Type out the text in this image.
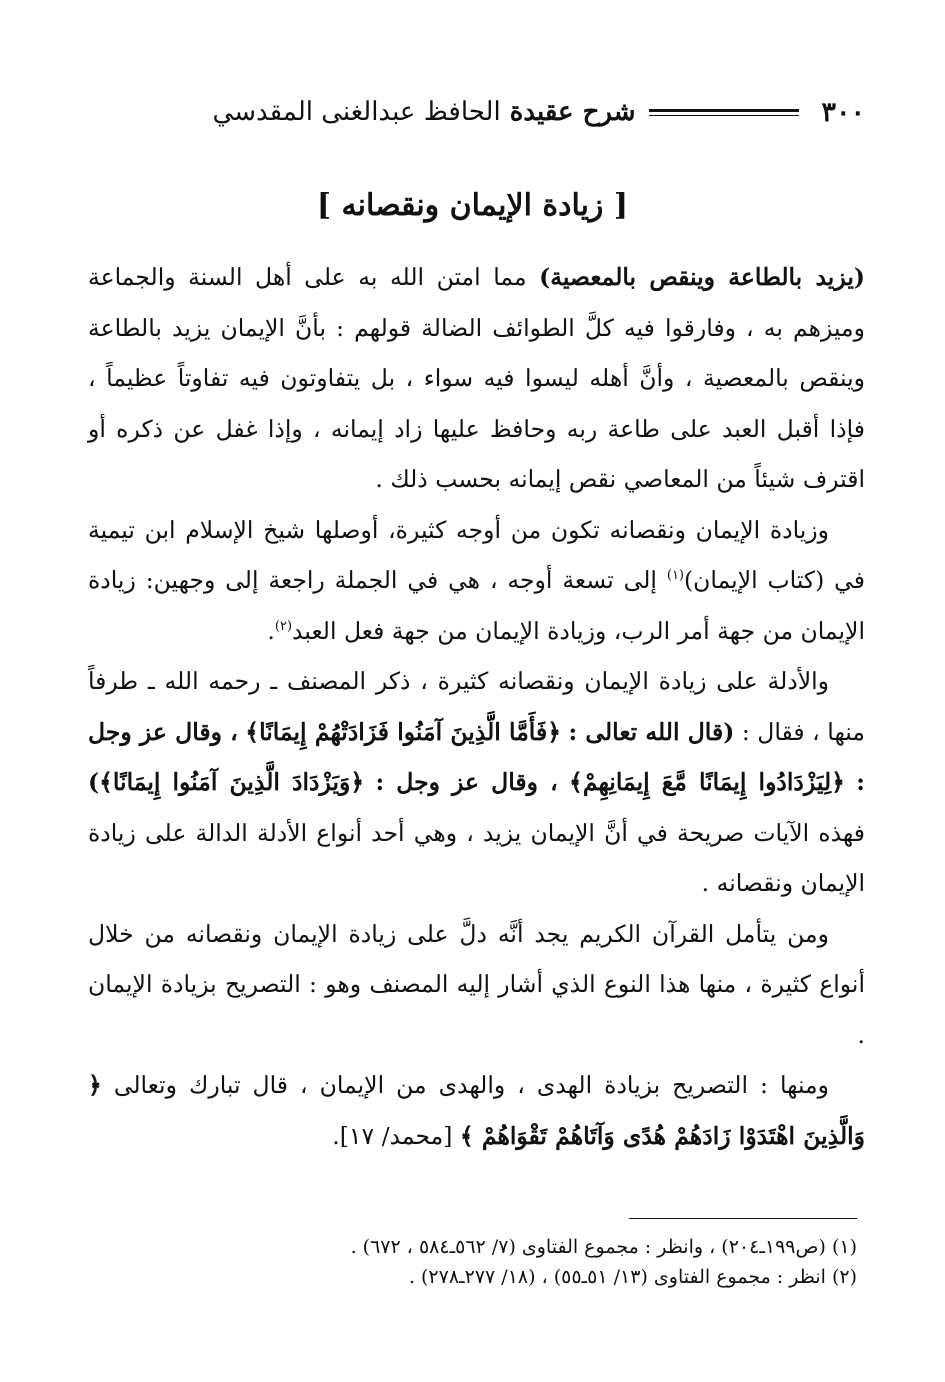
٣٠٠
شرح عقيدة الحافظ عبدالغنى المقدسي
[ زيادة الإيمان ونقصانه ]

(يزيد بالطاعة وينقص بالمعصية) مما امتن الله به على أهل السنة والجماعة وميزهم به ، وفارقوا فيه كلَّ الطوائف الضالة قولهم : بأنَّ الإيمان يزيد بالطاعة وينقص بالمعصية ، وأنَّ أهله ليسوا فيه سواء ، بل يتفاوتون فيه تفاوتاً عظيماً ، فإذا أقبل العبد على طاعة ربه وحافظ عليها زاد إيمانه ، وإذا غفل عن ذكره أو اقترف شيئاً من المعاصي نقص إيمانه بحسب ذلك .

وزيادة الإيمان ونقصانه تكون من أوجه كثيرة، أوصلها شيخ الإسلام ابن تيمية في (كتاب الإيمان)$^{(١)}$ إلى تسعة أوجه ، هي في الجملة راجعة إلى وجهين: زيادة الإيمان من جهة أمر الرب، وزيادة الإيمان من جهة فعل العبد$^{(٢)}$.

والأدلة على زيادة الإيمان ونقصانه كثيرة ، ذكر المصنف ـ رحمه الله ـ طرفاً منها ، فقال : (قال الله تعالى : ﴿فَأَمَّا الَّذِينَ آمَنُوا فَزَادَتْهُمْ إِيمَانًا﴾ ، وقال عز وجل : ﴿لِيَزْدَادُوا إِيمَانًا مَّعَ إِيمَانِهِمْ﴾ ، وقال عز وجل : ﴿وَيَزْدَادَ الَّذِينَ آمَنُوا إِيمَانًا﴾) فهذه الآيات صريحة في أنَّ الإيمان يزيد ، وهي أحد أنواع الأدلة الدالة على زيادة الإيمان ونقصانه .

ومن يتأمل القرآن الكريم يجد أنَّه دلَّ على زيادة الإيمان ونقصانه من خلال أنواع كثيرة ، منها هذا النوع الذي أشار إليه المصنف وهو : التصريح بزيادة الإيمان .

ومنها : التصريح بزيادة الهدى ، والهدى من الإيمان ، قال تبارك وتعالى ﴿ وَالَّذِينَ اهْتَدَوْا زَادَهُمْ هُدًى وَآتَاهُمْ تَقْوَاهُمْ ﴾ [محمد/ ١٧].

(١) (ص١٩٩ـ٢٠٤) ، وانظر : مجموع الفتاوى (٧/ ٥٦٢ـ٥٨٤ ، ٦٧٢) .
(٢) انظر : مجموع الفتاوى (١٣/ ٥١ـ٥٥) ، (١٨/ ٢٧٧ـ٢٧٨) .
